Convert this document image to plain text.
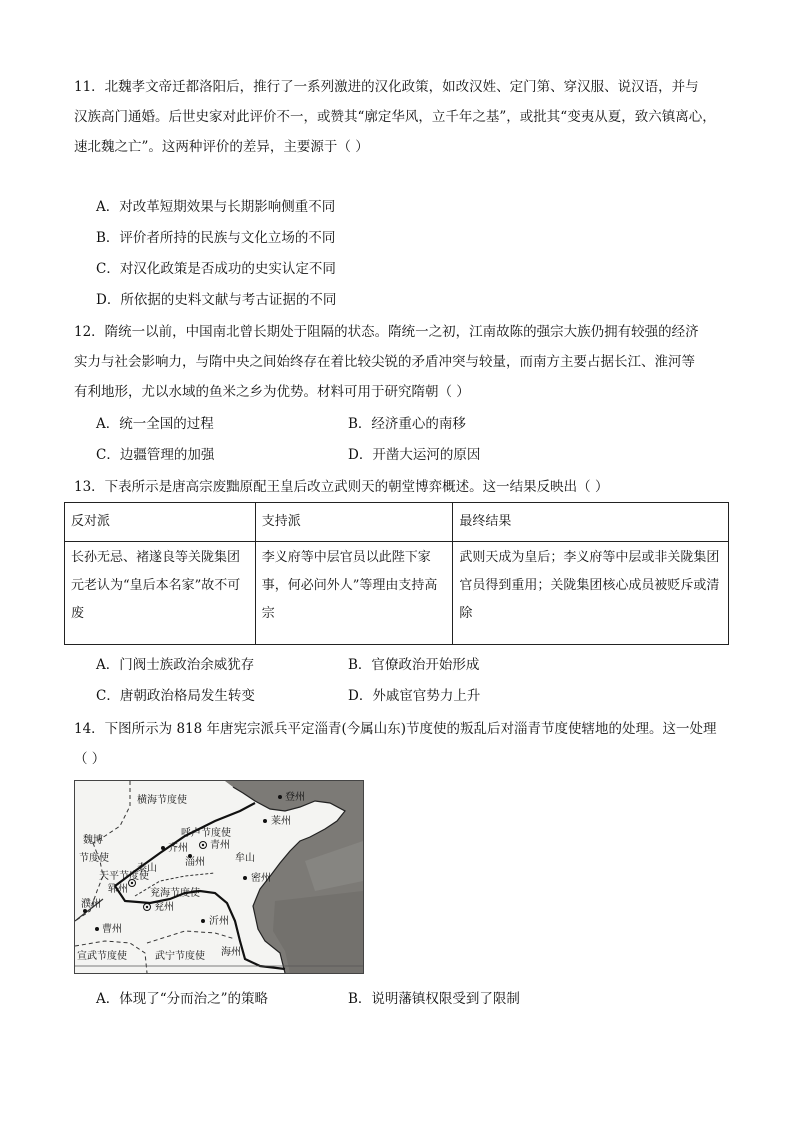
11．北魏孝文帝迁都洛阳后，推行了一系列激进的汉化政策，如改汉姓、定门第、穿汉服、说汉语，并与
汉族高门通婚。后世史家对此评价不一，或赞其“廓定华风，立千年之基”，或批其“变夷从夏，致六镇离心，
速北魏之亡”。这两种评价的差异，主要源于（ ）
A．对改革短期效果与长期影响侧重不同
B．评价者所持的民族与文化立场的不同
C．对汉化政策是否成功的史实认定不同
D．所依据的史料文献与考古证据的不同
12．隋统一以前，中国南北曾长期处于阻隔的状态。隋统一之初，江南故陈的强宗大族仍拥有较强的经济
实力与社会影响力，与隋中央之间始终存在着比较尖锐的矛盾冲突与较量，而南方主要占据长江、淮河等
有利地形，尤以水域的鱼米之乡为优势。材料可用于研究隋朝（ ）
A．统一全国的过程	B．经济重心的南移
C．边疆管理的加强	D．开凿大运河的原因
13．下表所示是唐高宗废黜原配王皇后改立武则天的朝堂博弈概述。这一结果反映出（ ）
反对派	支持派	最终结果
长孙无忌、褚遂良等关陇集团元老认为“皇后本名家”故不可废	李义府等中层官员以此陛下家事，何必问外人”等理由支持高宗	武则天成为皇后；李义府等中层或非关陇集团官员得到重用；关陇集团核心成员被贬斥或清除
A．门阀士族政治余威犹存	B．官僚政治开始形成
C．唐朝政治格局发生转变	D．外戚宦官势力上升
14．下图所示为 818 年唐宪宗派兵平定淄青(今属山东)节度使的叛乱后对淄青节度使辖地的处理。这一处理
（ ）
横海节度使	登州
莱州
魏博
节度使
呼卢节度使
青州
齐州
淄州	牟山
泰山
天平节度使
郓州
密州
兖海节度使
兖州
濮州
曹州
沂州
海州
宣武节度使	武宁节度使
A．体现了“分而治之”的策略	B．说明藩镇权限受到了限制
